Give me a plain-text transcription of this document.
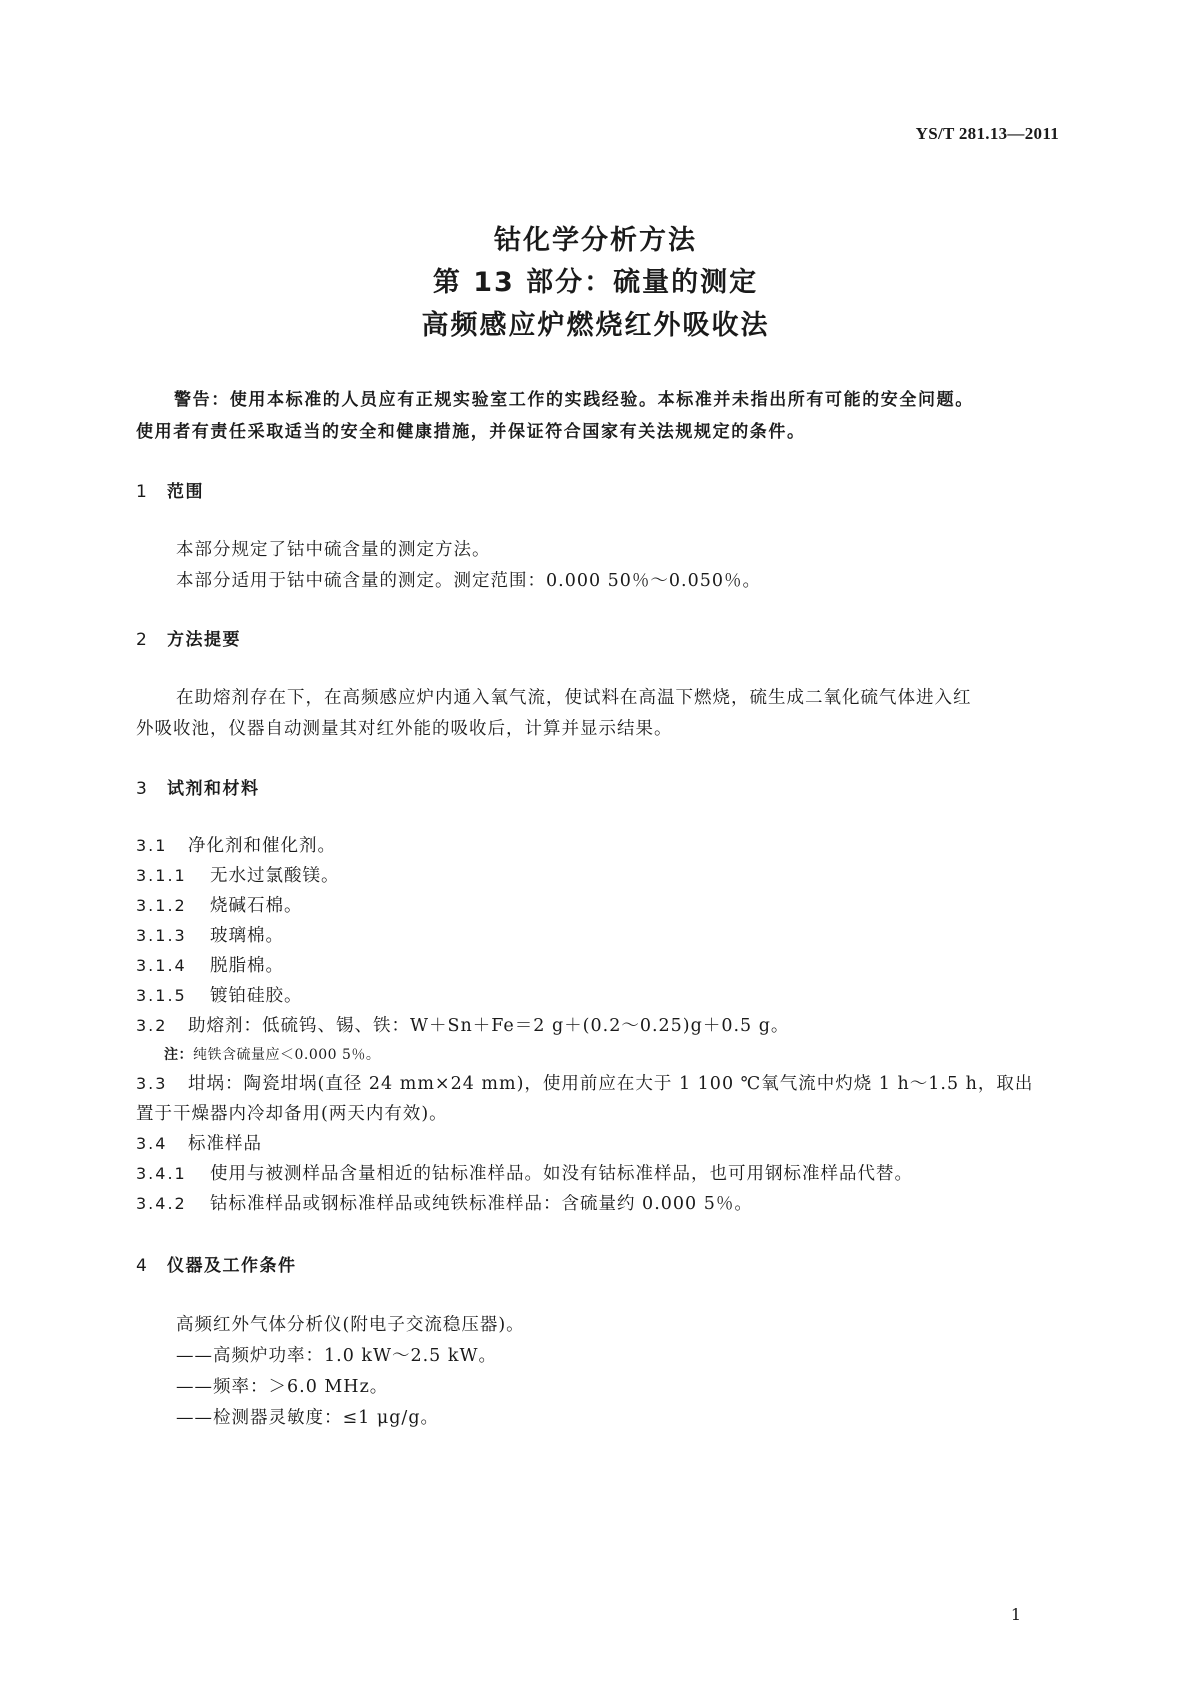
YS/T 281.13—2011
钴化学分析方法
第 13 部分：硫量的测定
高频感应炉燃烧红外吸收法
警告：使用本标准的人员应有正规实验室工作的实践经验。本标准并未指出所有可能的安全问题。
使用者有责任采取适当的安全和健康措施，并保证符合国家有关法规规定的条件。
1 范围
本部分规定了钴中硫含量的测定方法。
本部分适用于钴中硫含量的测定。测定范围：0.000 50％～0.050％。
2 方法提要
在助熔剂存在下，在高频感应炉内通入氧气流，使试料在高温下燃烧，硫生成二氧化硫气体进入红
外吸收池，仪器自动测量其对红外能的吸收后，计算并显示结果。
3 试剂和材料
3.1 净化剂和催化剂。
3.1.1 无水过氯酸镁。
3.1.2 烧碱石棉。
3.1.3 玻璃棉。
3.1.4 脱脂棉。
3.1.5 镀铂硅胶。
3.2 助熔剂：低硫钨、锡、铁：W＋Sn＋Fe＝2 g＋(0.2～0.25)g＋0.5 g。
注：纯铁含硫量应＜0.000 5％。
3.3 坩埚：陶瓷坩埚(直径 24 mm×24 mm)，使用前应在大于 1 100 ℃氧气流中灼烧 1 h～1.5 h，取出
置于干燥器内冷却备用(两天内有效)。
3.4 标准样品
3.4.1 使用与被测样品含量相近的钴标准样品。如没有钴标准样品，也可用钢标准样品代替。
3.4.2 钴标准样品或钢标准样品或纯铁标准样品：含硫量约 0.000 5％。
4 仪器及工作条件
高频红外气体分析仪(附电子交流稳压器)。
——高频炉功率：1.0 kW～2.5 kW。
——频率：＞6.0 MHz。
——检测器灵敏度：≤1 μg/g。
1
